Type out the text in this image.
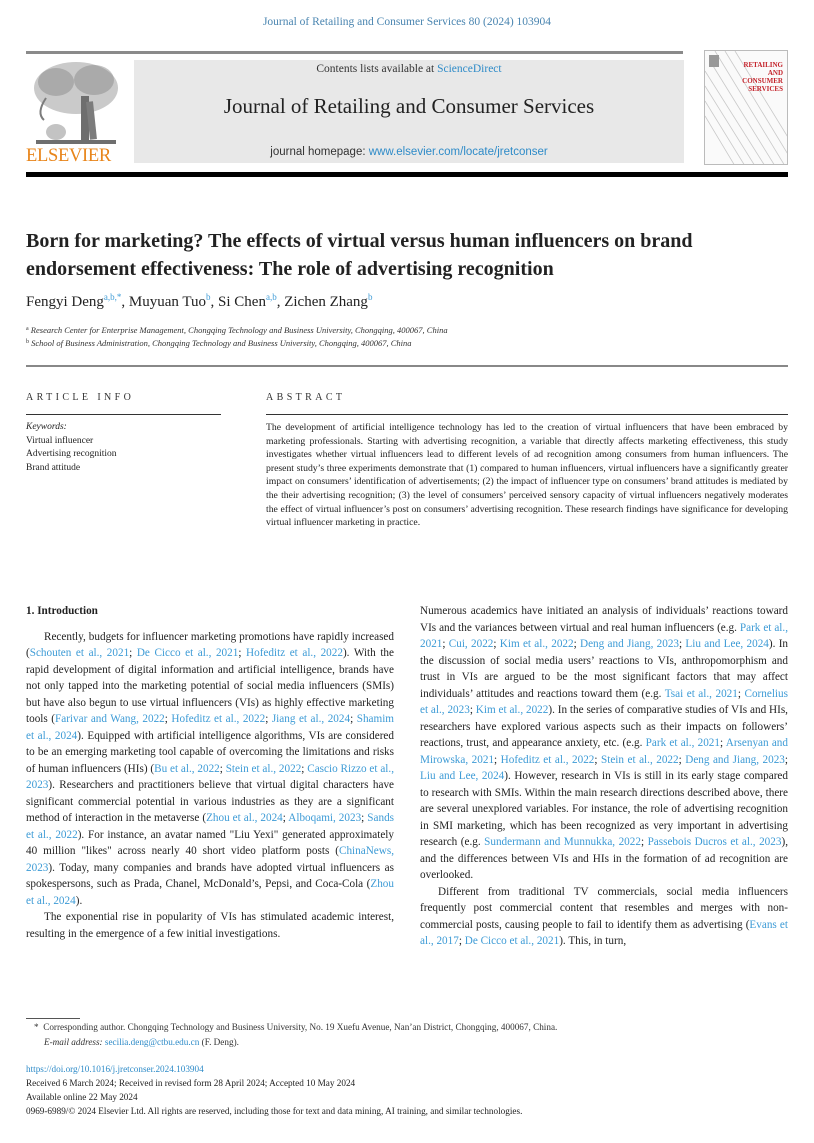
Journal of Retailing and Consumer Services 80 (2024) 103904
ELSEVIER
Contents lists available at ScienceDirect
Journal of Retailing and Consumer Services
journal homepage: www.elsevier.com/locate/jretconser
RETAILING
AND
CONSUMER
SERVICES
Born for marketing? The effects of virtual versus human influencers on brand endorsement effectiveness: The role of advertising recognition
Fengyi Deng$^{a,b,*}$, Muyuan Tuo$^b$, Si Chen$^{a,b}$, Zichen Zhang$^b$
$^a$ Research Center for Enterprise Management, Chongqing Technology and Business University, Chongqing, 400067, China
$^b$ School of Business Administration, Chongqing Technology and Business University, Chongqing, 400067, China
ARTICLE INFO	ABSTRACT
Keywords:
Virtual influencer
Advertising recognition
Brand attitude

The development of artificial intelligence technology has led to the creation of virtual influencers that have been embraced by marketing professionals. Starting with advertising recognition, a variable that directly affects marketing effectiveness, this study investigates whether virtual influencers lead to different levels of ad recognition among consumers from human influencers. The present study’s three experiments demonstrate that (1) compared to human influencers, virtual influencers have a significantly greater impact on consumers’ identification of advertisements; (2) the impact of influencer type on consumers’ brand attitudes is mediated by the their advertising recognition; (3) the level of consumers’ perceived sensory capacity of virtual influencers negatively moderates the effect of virtual influencer’s post on consumers’ advertising recognition. These research findings have significance for developing virtual influencer marketing in practice.

1. Introduction

Recently, budgets for influencer marketing promotions have rapidly increased (Schouten et al., 2021; De Cicco et al., 2021; Hofeditz et al., 2022). With the rapid development of digital information and artificial intelligence, brands have not only tapped into the marketing potential of social media influencers (SMIs) but have also begun to use virtual influencers (VIs) as highly effective marketing tools (Farivar and Wang, 2022; Hofeditz et al., 2022; Jiang et al., 2024; Shamim et al., 2024). Equipped with artificial intelligence algorithms, VIs are considered to be an emerging marketing tool capable of overcoming the limitations and risks of human influencers (HIs) (Bu et al., 2022; Stein et al., 2022; Cascio Rizzo et al., 2023). Researchers and practitioners believe that virtual digital characters have significant commercial potential in various industries as they are a significant method of interaction in the metaverse (Zhou et al., 2024; Alboqami, 2023; Sands et al., 2022). For instance, an avatar named "Liu Yexi" generated approximately 40 million "likes" across nearly 40 short video platform posts (ChinaNews, 2023). Today, many companies and brands have adopted virtual influencers as spokespersons, such as Prada, Chanel, McDonald’s, Pepsi, and Coca-Cola (Zhou et al., 2024).

The exponential rise in popularity of VIs has stimulated academic interest, resulting in the emergence of a few initial investigations.

Numerous academics have initiated an analysis of individuals’ reactions toward VIs and the variances between virtual and real human influencers (e.g. Park et al., 2021; Cui, 2022; Kim et al., 2022; Deng and Jiang, 2023; Liu and Lee, 2024). In the discussion of social media users’ reactions to VIs, anthropomorphism and trust in VIs are argued to be the most significant factors that may affect individuals’ attitudes and reactions toward them (e.g. Tsai et al., 2021; Cornelius et al., 2023; Kim et al., 2022). In the series of comparative studies of VIs and HIs, researchers have explored various aspects such as their impacts on followers’ reactions, trust, and appearance anxiety, etc. (e.g. Park et al., 2021; Arsenyan and Mirowska, 2021; Hofeditz et al., 2022; Stein et al., 2022; Deng and Jiang, 2023; Liu and Lee, 2024). However, research in VIs is still in its early stage compared to research with SMIs. Within the main research directions described above, there are several unexplored variables. For instance, the role of advertising recognition in SMI marketing, which has been recognized as very important in advertising research (e.g. Sundermann and Munnukka, 2022; Passebois Ducros et al., 2023), and the differences between VIs and HIs in the formation of ad recognition are overlooked.

Different from traditional TV commercials, social media influencers frequently post commercial content that resembles and merges with non-commercial posts, causing people to fail to identify them as advertising (Evans et al., 2017; De Cicco et al., 2021). This, in turn,

* Corresponding author. Chongqing Technology and Business University, No. 19 Xuefu Avenue, Nan’an District, Chongqing, 400067, China.
E-mail address: secilia.deng@ctbu.edu.cn (F. Deng).
https://doi.org/10.1016/j.jretconser.2024.103904
Received 6 March 2024; Received in revised form 28 April 2024; Accepted 10 May 2024
Available online 22 May 2024
0969-6989/© 2024 Elsevier Ltd. All rights are reserved, including those for text and data mining, AI training, and similar technologies.
